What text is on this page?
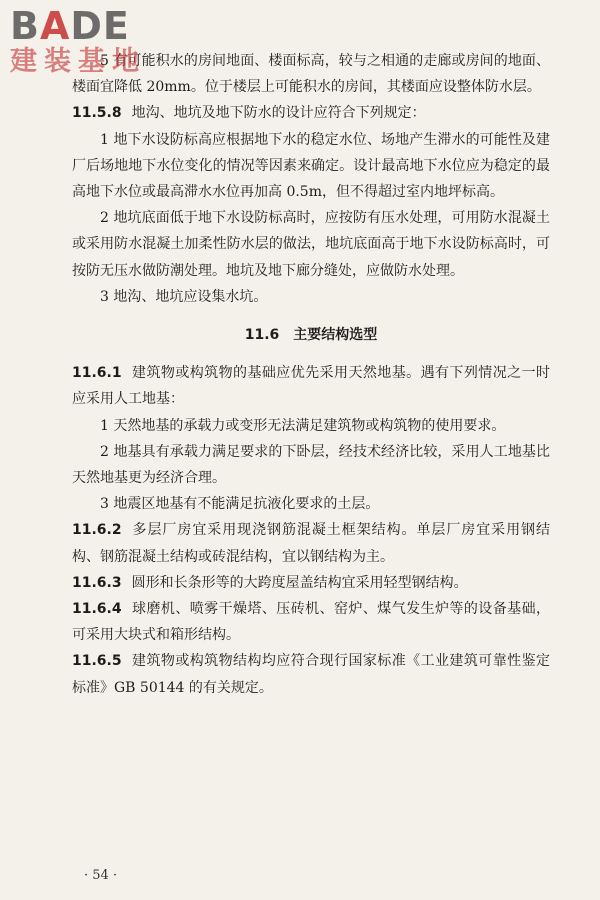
BADE
建装基地

5 有可能积水的房间地面、楼面标高，较与之相通的走廊或房间的地面、楼面宜降低 20mm。位于楼层上可能积水的房间，其楼面应设整体防水层。

11.5.8 地沟、地坑及地下防水的设计应符合下列规定：

1 地下水设防标高应根据地下水的稳定水位、场地产生滞水的可能性及建厂后场地地下水位变化的情况等因素来确定。设计最高地下水位应为稳定的最高地下水位或最高滞水水位再加高 0.5m，但不得超过室内地坪标高。

2 地坑底面低于地下水设防标高时，应按防有压水处理，可用防水混凝土或采用防水混凝土加柔性防水层的做法，地坑底面高于地下水设防标高时，可按防无压水做防潮处理。地坑及地下廊分缝处，应做防水处理。

3 地沟、地坑应设集水坑。

11.6 主要结构选型

11.6.1 建筑物或构筑物的基础应优先采用天然地基。遇有下列情况之一时应采用人工地基：

1 天然地基的承载力或变形无法满足建筑物或构筑物的使用要求。

2 地基具有承载力满足要求的下卧层，经技术经济比较，采用人工地基比天然地基更为经济合理。

3 地震区地基有不能满足抗液化要求的土层。

11.6.2 多层厂房宜采用现浇钢筋混凝土框架结构。单层厂房宜采用钢结构、钢筋混凝土结构或砖混结构，宜以钢结构为主。

11.6.3 圆形和长条形等的大跨度屋盖结构宜采用轻型钢结构。

11.6.4 球磨机、喷雾干燥塔、压砖机、窑炉、煤气发生炉等的设备基础，可采用大块式和箱形结构。

11.6.5 建筑物或构筑物结构均应符合现行国家标准《工业建筑可靠性鉴定标准》GB 50144 的有关规定。

· 54 ·
